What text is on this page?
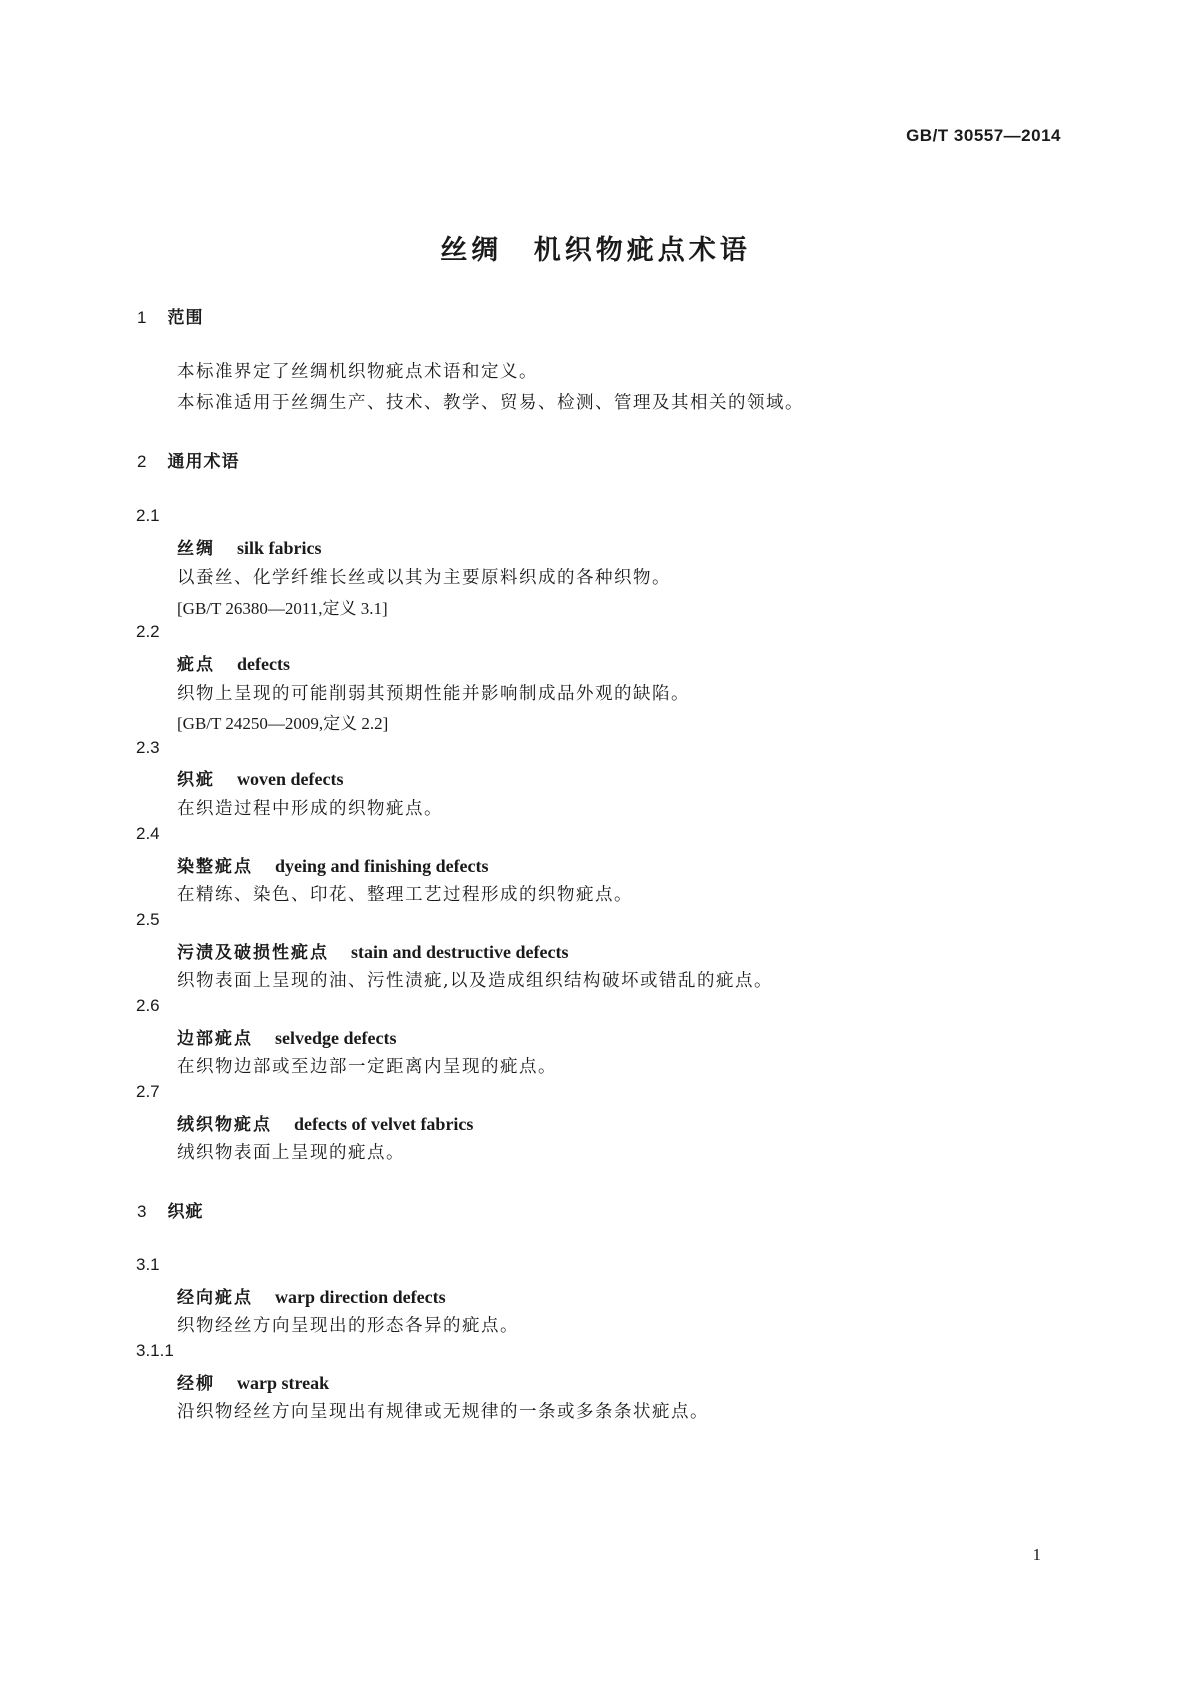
GB/T 30557—2014
丝绸 机织物疵点术语
1 范围
本标准界定了丝绸机织物疵点术语和定义。
本标准适用于丝绸生产、技术、教学、贸易、检测、管理及其相关的领域。
2 通用术语
2.1
丝绸 silk fabrics
以蚕丝、化学纤维长丝或以其为主要原料织成的各种织物。
[GB/T 26380—2011,定义 3.1]
2.2
疵点 defects
织物上呈现的可能削弱其预期性能并影响制成品外观的缺陷。
[GB/T 24250—2009,定义 2.2]
2.3
织疵 woven defects
在织造过程中形成的织物疵点。
2.4
染整疵点 dyeing and finishing defects
在精练、染色、印花、整理工艺过程形成的织物疵点。
2.5
污渍及破损性疵点 stain and destructive defects
织物表面上呈现的油、污性渍疵,以及造成组织结构破坏或错乱的疵点。
2.6
边部疵点 selvedge defects
在织物边部或至边部一定距离内呈现的疵点。
2.7
绒织物疵点 defects of velvet fabrics
绒织物表面上呈现的疵点。
3 织疵
3.1
经向疵点 warp direction defects
织物经丝方向呈现出的形态各异的疵点。
3.1.1
经柳 warp streak
沿织物经丝方向呈现出有规律或无规律的一条或多条条状疵点。
1
